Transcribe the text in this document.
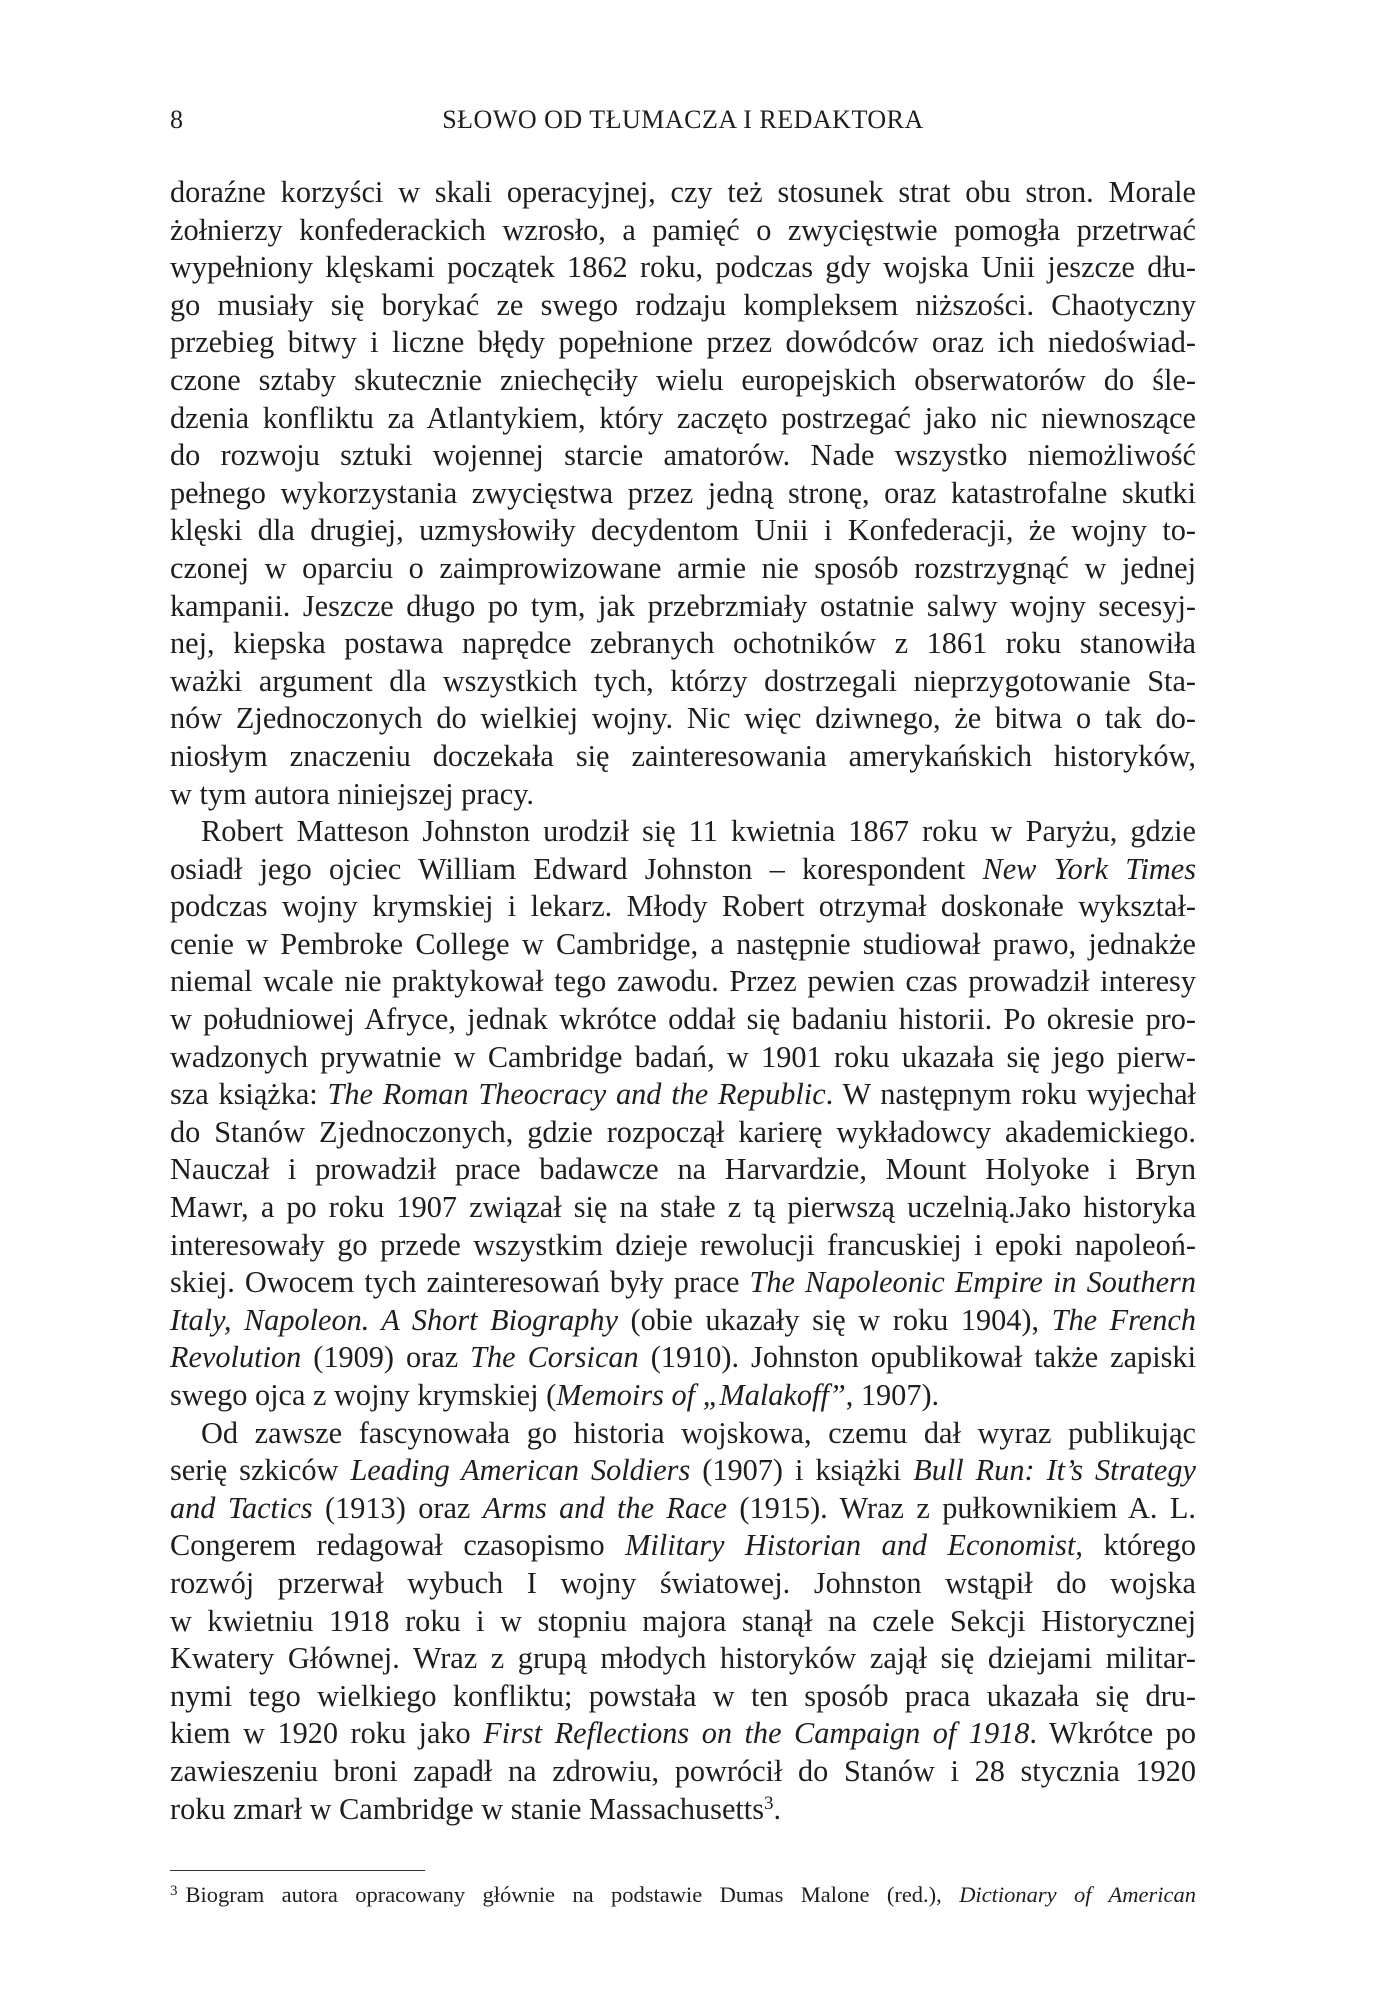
8	SŁOWO OD TŁUMACZA I REDAKTORA
doraźne korzyści w skali operacyjnej, czy też stosunek strat obu stron. Morale
żołnierzy konfederackich wzrosło, a pamięć o zwycięstwie pomogła przetrwać
wypełniony klęskami początek 1862 roku, podczas gdy wojska Unii jeszcze dłu-
go musiały się borykać ze swego rodzaju kompleksem niższości. Chaotyczny
przebieg bitwy i liczne błędy popełnione przez dowódców oraz ich niedoświad-
czone sztaby skutecznie zniechęciły wielu europejskich obserwatorów do śle-
dzenia konfliktu za Atlantykiem, który zaczęto postrzegać jako nic niewnoszące
do rozwoju sztuki wojennej starcie amatorów. Nade wszystko niemożliwość
pełnego wykorzystania zwycięstwa przez jedną stronę, oraz katastrofalne skutki
klęski dla drugiej, uzmysłowiły decydentom Unii i Konfederacji, że wojny to-
czonej w oparciu o zaimprowizowane armie nie sposób rozstrzygnąć w jednej
kampanii. Jeszcze długo po tym, jak przebrzmiały ostatnie salwy wojny secesyj-
nej, kiepska postawa naprędce zebranych ochotników z 1861 roku stanowiła
ważki argument dla wszystkich tych, którzy dostrzegali nieprzygotowanie Sta-
nów Zjednoczonych do wielkiej wojny. Nic więc dziwnego, że bitwa o tak do-
niosłym znaczeniu doczekała się zainteresowania amerykańskich historyków,
w tym autora niniejszej pracy.
Robert Matteson Johnston urodził się 11 kwietnia 1867 roku w Paryżu, gdzie
osiadł jego ojciec William Edward Johnston – korespondent New York Times
podczas wojny krymskiej i lekarz. Młody Robert otrzymał doskonałe wykształ-
cenie w Pembroke College w Cambridge, a następnie studiował prawo, jednakże
niemal wcale nie praktykował tego zawodu. Przez pewien czas prowadził interesy
w południowej Afryce, jednak wkrótce oddał się badaniu historii. Po okresie pro-
wadzonych prywatnie w Cambridge badań, w 1901 roku ukazała się jego pierw-
sza książka: The Roman Theocracy and the Republic. W następnym roku wyjechał
do Stanów Zjednoczonych, gdzie rozpoczął karierę wykładowcy akademickiego.
Nauczał i prowadził prace badawcze na Harvardzie, Mount Holyoke i Bryn
Mawr, a po roku 1907 związał się na stałe z tą pierwszą uczelnią.Jako historyka
interesowały go przede wszystkim dzieje rewolucji francuskiej i epoki napoleoń-
skiej. Owocem tych zainteresowań były prace The Napoleonic Empire in Southern
Italy, Napoleon. A Short Biography (obie ukazały się w roku 1904), The French
Revolution (1909) oraz The Corsican (1910). Johnston opublikował także zapiski
swego ojca z wojny krymskiej (Memoirs of „Malakoff”, 1907).
Od zawsze fascynowała go historia wojskowa, czemu dał wyraz publikując
serię szkiców Leading American Soldiers (1907) i książki Bull Run: It’s Strategy
and Tactics (1913) oraz Arms and the Race (1915). Wraz z pułkownikiem A. L.
Congerem redagował czasopismo Military Historian and Economist, którego
rozwój przerwał wybuch I wojny światowej. Johnston wstąpił do wojska
w kwietniu 1918 roku i w stopniu majora stanął na czele Sekcji Historycznej
Kwatery Głównej. Wraz z grupą młodych historyków zajął się dziejami militar-
nymi tego wielkiego konfliktu; powstała w ten sposób praca ukazała się dru-
kiem w 1920 roku jako First Reflections on the Campaign of 1918. Wkrótce po
zawieszeniu broni zapadł na zdrowiu, powrócił do Stanów i 28 stycznia 1920
roku zmarł w Cambridge w stanie Massachusetts$^3$.
$^3$ Biogram autora opracowany głównie na podstawie Dumas Malone (red.), Dictionary of American
